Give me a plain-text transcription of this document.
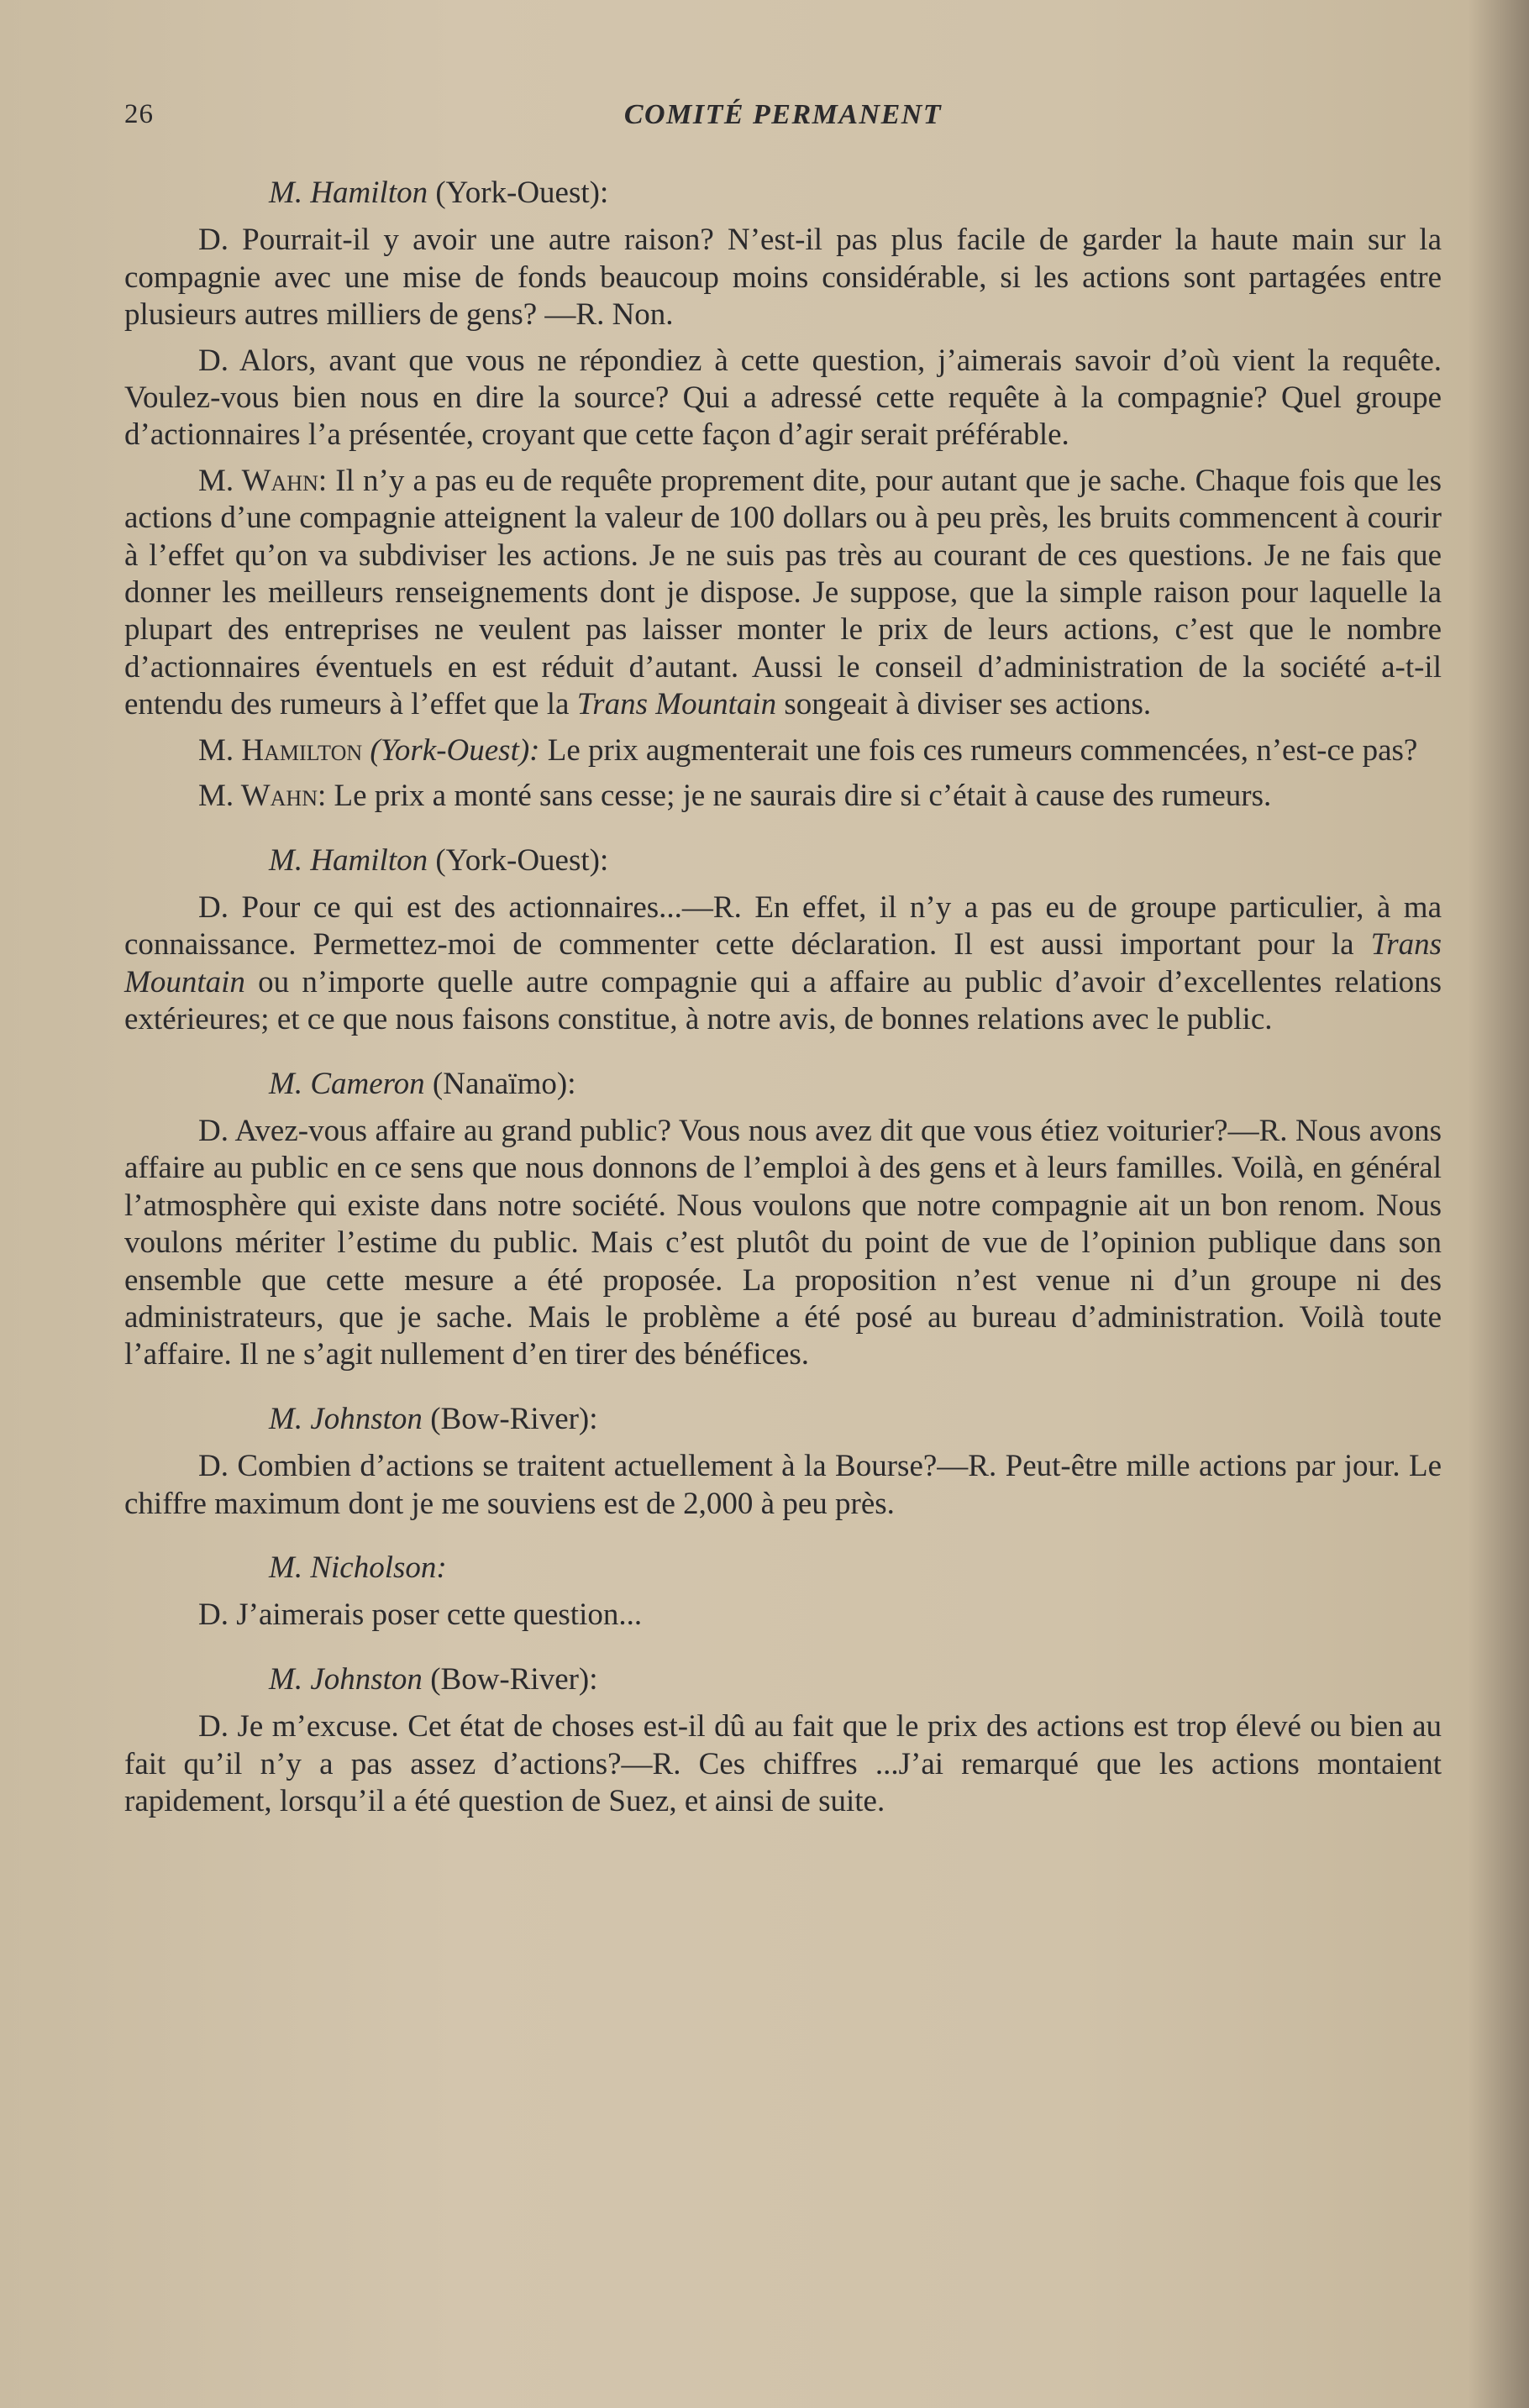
26	COMITÉ PERMANENT
M. Hamilton (York-Ouest):

D. Pourrait-il y avoir une autre raison? N’est-il pas plus facile de garder la haute main sur la compagnie avec une mise de fonds beaucoup moins considérable, si les actions sont partagées entre plusieurs autres milliers de gens? —R. Non.

D. Alors, avant que vous ne répondiez à cette question, j’aimerais savoir d’où vient la requête. Voulez-vous bien nous en dire la source? Qui a adressé cette requête à la compagnie? Quel groupe d’actionnaires l’a présentée, croyant que cette façon d’agir serait préférable.

M. Wahn: Il n’y a pas eu de requête proprement dite, pour autant que je sache. Chaque fois que les actions d’une compagnie atteignent la valeur de 100 dollars ou à peu près, les bruits commencent à courir à l’effet qu’on va subdiviser les actions. Je ne suis pas très au courant de ces questions. Je ne fais que donner les meilleurs renseignements dont je dispose. Je suppose, que la simple raison pour laquelle la plupart des entreprises ne veulent pas laisser monter le prix de leurs actions, c’est que le nombre d’actionnaires éventuels en est réduit d’autant. Aussi le conseil d’administration de la société a-t-il entendu des rumeurs à l’effet que la Trans Mountain songeait à diviser ses actions.

M. Hamilton (York-Ouest): Le prix augmenterait une fois ces rumeurs commencées, n’est-ce pas?

M. Wahn: Le prix a monté sans cesse; je ne saurais dire si c’était à cause des rumeurs.

M. Hamilton (York-Ouest):

D. Pour ce qui est des actionnaires...—R. En effet, il n’y a pas eu de groupe particulier, à ma connaissance. Permettez-moi de commenter cette déclaration. Il est aussi important pour la Trans Mountain ou n’importe quelle autre compagnie qui a affaire au public d’avoir d’excellentes relations extérieures; et ce que nous faisons constitue, à notre avis, de bonnes relations avec le public.

M. Cameron (Nanaïmo):

D. Avez-vous affaire au grand public? Vous nous avez dit que vous étiez voiturier?—R. Nous avons affaire au public en ce sens que nous donnons de l’emploi à des gens et à leurs familles. Voilà, en général l’atmosphère qui existe dans notre société. Nous voulons que notre compagnie ait un bon renom. Nous voulons mériter l’estime du public. Mais c’est plutôt du point de vue de l’opinion publique dans son ensemble que cette mesure a été proposée. La proposition n’est venue ni d’un groupe ni des administrateurs, que je sache. Mais le problème a été posé au bureau d’administration. Voilà toute l’affaire. Il ne s’agit nullement d’en tirer des bénéfices.

M. Johnston (Bow-River):

D. Combien d’actions se traitent actuellement à la Bourse?—R. Peut-être mille actions par jour. Le chiffre maximum dont je me souviens est de 2,000 à peu près.

M. Nicholson:

D. J’aimerais poser cette question...

M. Johnston (Bow-River):

D. Je m’excuse. Cet état de choses est-il dû au fait que le prix des actions est trop élevé ou bien au fait qu’il n’y a pas assez d’actions?—R. Ces chiffres ...J’ai remarqué que les actions montaient rapidement, lorsqu’il a été question de Suez, et ainsi de suite.
